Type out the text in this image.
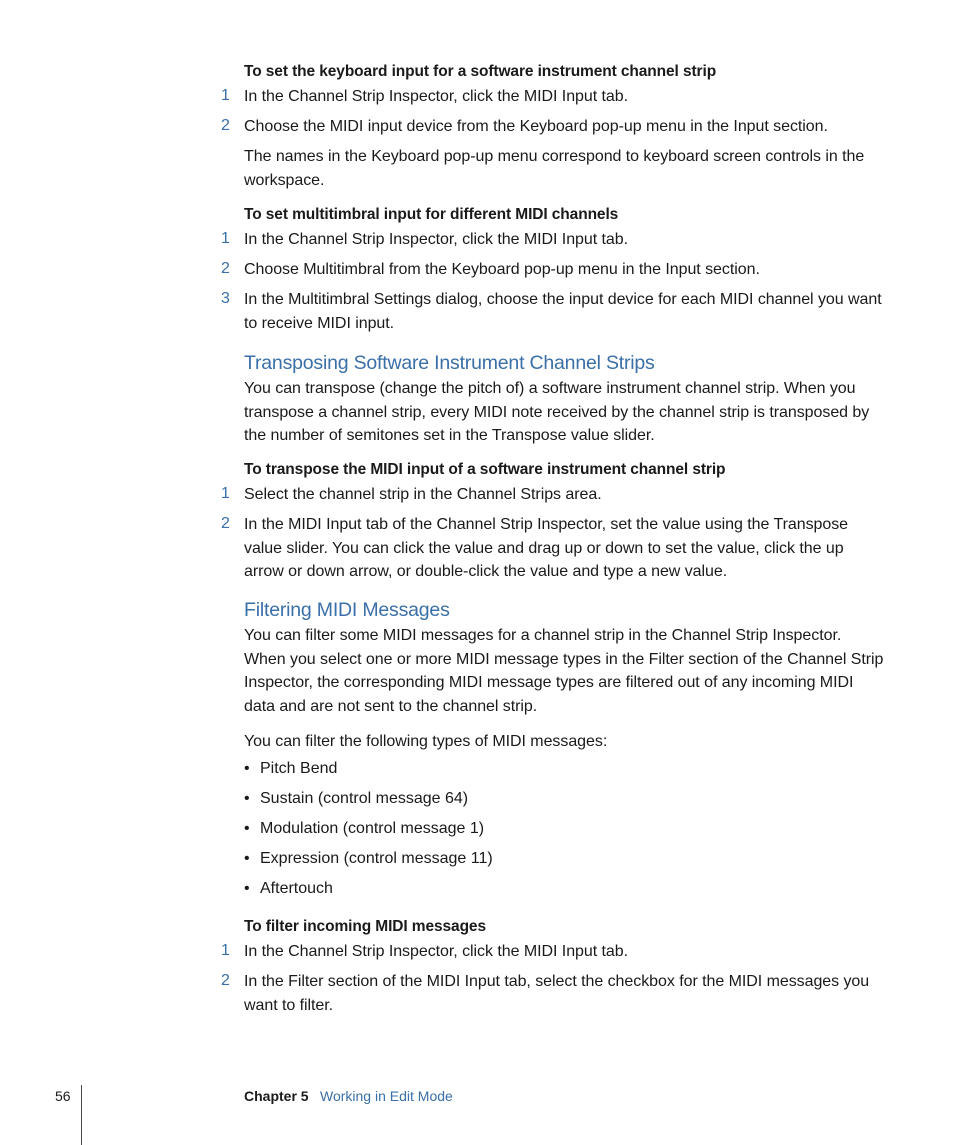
To set the keyboard input for a software instrument channel strip
1 In the Channel Strip Inspector, click the MIDI Input tab.
2 Choose the MIDI input device from the Keyboard pop-up menu in the Input section.
The names in the Keyboard pop-up menu correspond to keyboard screen controls in the workspace.
To set multitimbral input for different MIDI channels
1 In the Channel Strip Inspector, click the MIDI Input tab.
2 Choose Multitimbral from the Keyboard pop-up menu in the Input section.
3 In the Multitimbral Settings dialog, choose the input device for each MIDI channel you want to receive MIDI input.
Transposing Software Instrument Channel Strips
You can transpose (change the pitch of) a software instrument channel strip. When you transpose a channel strip, every MIDI note received by the channel strip is transposed by the number of semitones set in the Transpose value slider.
To transpose the MIDI input of a software instrument channel strip
1 Select the channel strip in the Channel Strips area.
2 In the MIDI Input tab of the Channel Strip Inspector, set the value using the Transpose value slider. You can click the value and drag up or down to set the value, click the up arrow or down arrow, or double-click the value and type a new value.
Filtering MIDI Messages
You can filter some MIDI messages for a channel strip in the Channel Strip Inspector. When you select one or more MIDI message types in the Filter section of the Channel Strip Inspector, the corresponding MIDI message types are filtered out of any incoming MIDI data and are not sent to the channel strip.
You can filter the following types of MIDI messages:
• Pitch Bend
• Sustain (control message 64)
• Modulation (control message 1)
• Expression (control message 11)
• Aftertouch
To filter incoming MIDI messages
1 In the Channel Strip Inspector, click the MIDI Input tab.
2 In the Filter section of the MIDI Input tab, select the checkbox for the MIDI messages you want to filter.
56	Chapter 5 Working in Edit Mode
